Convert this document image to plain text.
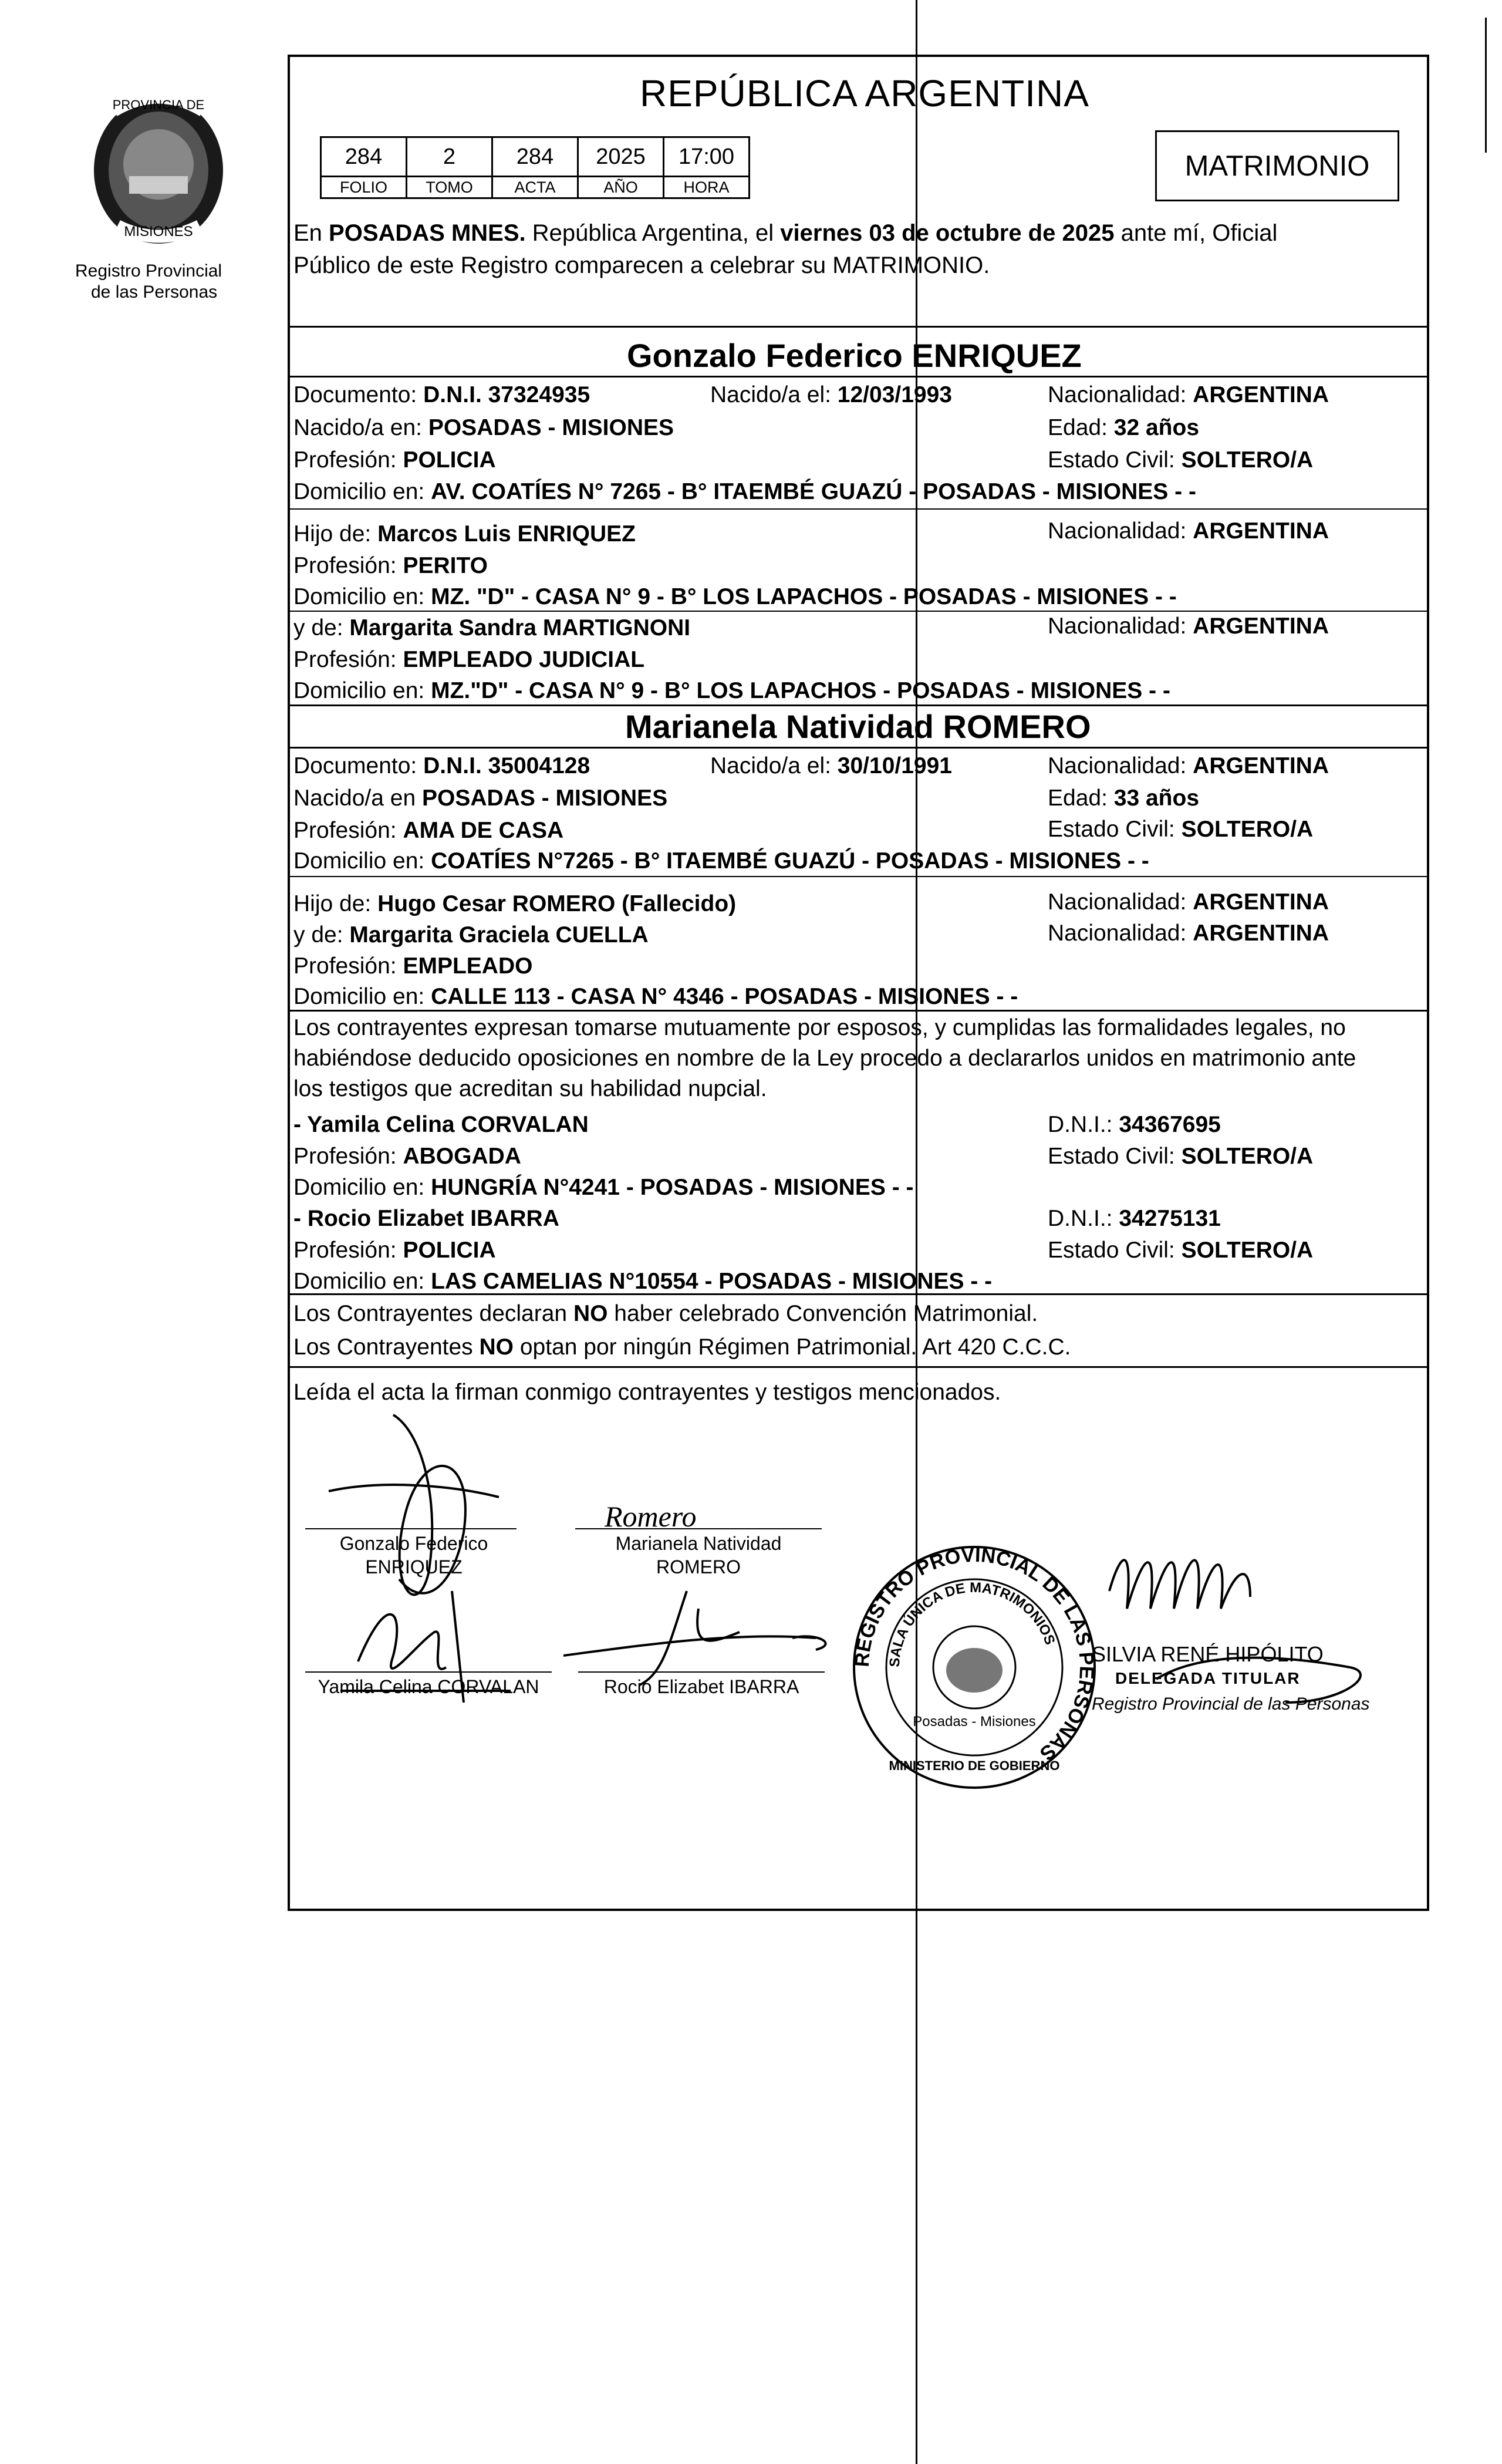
PROVINCIA DE
MISIONES
Registro Provincial
de las Personas
REPÚBLICA ARGENTINA
284	2	284	2025	17:00
FOLIO	TOMO	ACTA	AÑO	HORA
MATRIMONIO
En POSADAS MNES. República Argentina, el viernes 03 de octubre de 2025 ante mí, Oficial
Público de este Registro comparecen a celebrar su MATRIMONIO.
Gonzalo Federico ENRIQUEZ
Documento: D.N.I. 37324935	Nacido/a el: 12/03/1993	Nacionalidad: ARGENTINA
Nacido/a en: POSADAS - MISIONES	Edad: 32 años
Profesión: POLICIA	Estado Civil: SOLTERO/A
Domicilio en: AV. COATÍES N° 7265 - B° ITAEMBÉ GUAZÚ - POSADAS - MISIONES - -
Hijo de: Marcos Luis ENRIQUEZ	Nacionalidad: ARGENTINA
Profesión: PERITO
Domicilio en: MZ. "D" - CASA N° 9 - B° LOS LAPACHOS - POSADAS - MISIONES - -
y de: Margarita Sandra MARTIGNONI	Nacionalidad: ARGENTINA
Profesión: EMPLEADO JUDICIAL
Domicilio en: MZ."D" - CASA N° 9 - B° LOS LAPACHOS - POSADAS - MISIONES - -
Marianela Natividad ROMERO
Documento: D.N.I. 35004128	Nacido/a el: 30/10/1991	Nacionalidad: ARGENTINA
Nacido/a en POSADAS - MISIONES	Edad: 33 años
Profesión: AMA DE CASA	Estado Civil: SOLTERO/A
Domicilio en: COATÍES N°7265 - B° ITAEMBÉ GUAZÚ - POSADAS - MISIONES - -
Hijo de: Hugo Cesar ROMERO (Fallecido)	Nacionalidad: ARGENTINA
y de: Margarita Graciela CUELLA	Nacionalidad: ARGENTINA
Profesión: EMPLEADO
Domicilio en: CALLE 113 - CASA N° 4346 - POSADAS - MISIONES - -
Los contrayentes expresan tomarse mutuamente por esposos, y cumplidas las formalidades legales, no
habiéndose deducido oposiciones en nombre de la Ley procedo a declararlos unidos en matrimonio ante
los testigos que acreditan su habilidad nupcial.
- Yamila Celina CORVALAN	D.N.I.: 34367695
Profesión: ABOGADA	Estado Civil: SOLTERO/A
Domicilio en: HUNGRÍA N°4241 - POSADAS - MISIONES - -
- Rocio Elizabet IBARRA	D.N.I.: 34275131
Profesión: POLICIA	Estado Civil: SOLTERO/A
Domicilio en: LAS CAMELIAS N°10554 - POSADAS - MISIONES - -
Los Contrayentes declaran NO haber celebrado Convención Matrimonial.
Los Contrayentes NO optan por ningún Régimen Patrimonial. Art 420 C.C.C.
Leída el acta la firman conmigo contrayentes y testigos mencionados.
Romero
Gonzalo Federico
ENRIQUEZ
Marianela Natividad
ROMERO
Yamila Celina CORVALAN	Rocio Elizabet IBARRA
REGISTRO PROVINCIAL DE LAS PERSONAS
SALA ÚNICA DE MATRIMONIOS
Posadas - Misiones
MINISTERIO DE GOBIERNO
SILVIA RENÉ HIPÓLITO
DELEGADA TITULAR
Registro Provincial de las Personas
